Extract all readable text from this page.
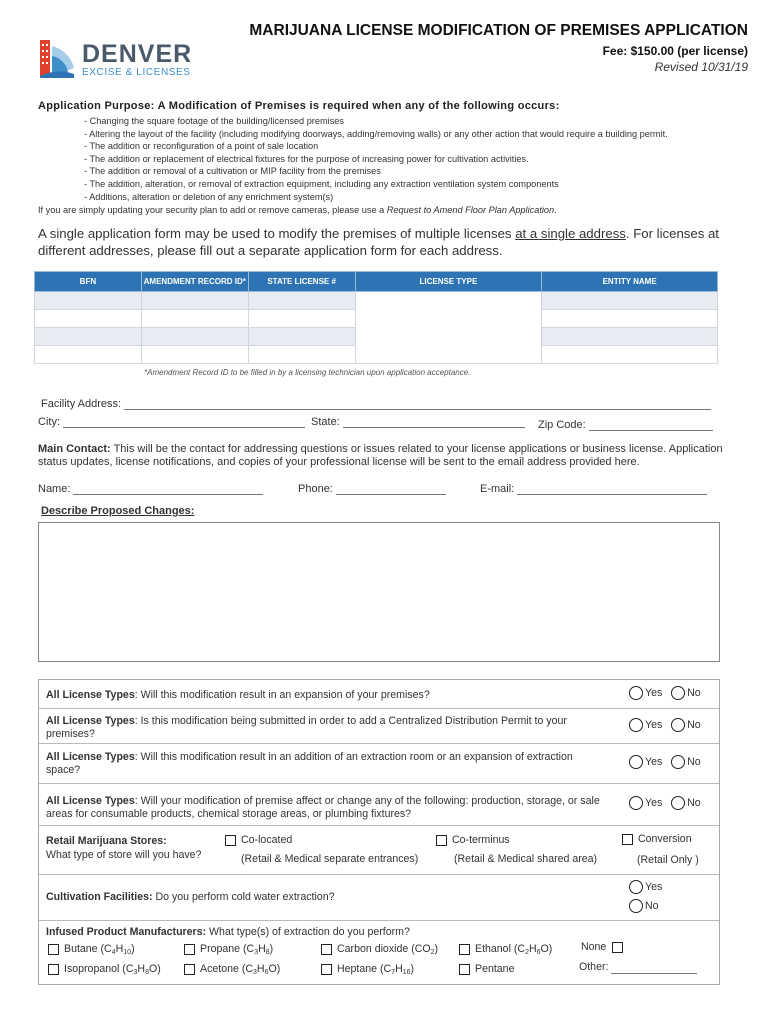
DENVER
EXCISE & LICENSES
MARIJUANA LICENSE MODIFICATION OF PREMISES APPLICATION
Fee: $150.00 (per license)
Revised 10/31/19
Application Purpose: A Modification of Premises is required when any of the following occurs:
- Changing the square footage of the building/licensed premises
- Altering the layout of the facility (including modifying doorways, adding/removing walls) or any other action that would require a building permit.
- The addition or reconfiguration of a point of sale location
- The addition or replacement of electrical fixtures for the purpose of increasing power for cultivation activities.
- The addition or removal of a cultivation or MIP facility from the premises
- The addition, alteration, or removal of extraction equipment, including any extraction ventilation system components
- Additions, alteration or deletion of any enrichment system(s)
If you are simply updating your security plan to add or remove cameras, please use a Request to Amend Floor Plan Application.
A single application form may be used to modify the premises of multiple licenses at a single address. For licenses at different addresses, please fill out a separate application form for each address.
BFN	AMENDMENT RECORD ID*	STATE LICENSE #	LICENSE TYPE	ENTITY NAME

*Amendment Record ID to be filled in by a licensing technician upon application acceptance.
Facility Address:
City:	State:	Zip Code:
Main Contact: This will be the contact for addressing questions or issues related to your license applications or business license. Application status updates, license notifications, and copies of your professional license will be sent to the email address provided here.
Name:	Phone:	E-mail:
Describe Proposed Changes:
All License Types: Will this modification result in an expansion of your premises?	Yes No
All License Types: Is this modification being submitted in order to add a Centralized Distribution Permit to your premises?
Yes No
All License Types: Will this modification result in an addition of an extraction room or an expansion of extraction space?
Yes No
All License Types: Will your modification of premise affect or change any of the following: production, storage, or sale areas for consumable products, chemical storage areas, or plumbing fixtures?
Yes No
Retail Marijuana Stores:
What type of store will you have?
Co-located
(Retail & Medical separate entrances)
Co-terminus
(Retail & Medical shared area)
Conversion
(Retail Only )
Cultivation Facilities: Do you perform cold water extraction?
Yes
No
Infused Product Manufacturers: What type(s) of extraction do you perform?
Butane $(C_4H_{10})$	Propane $(C_3H_8)$	Carbon dioxide $(CO_2)$	Ethanol $(C_2H_6O)$	None
Isopropanol $(C_3H_8O)$	Acetone $(C_3H_6O)$	Heptane $(C_7H_{16})$	Pentane	Other:
